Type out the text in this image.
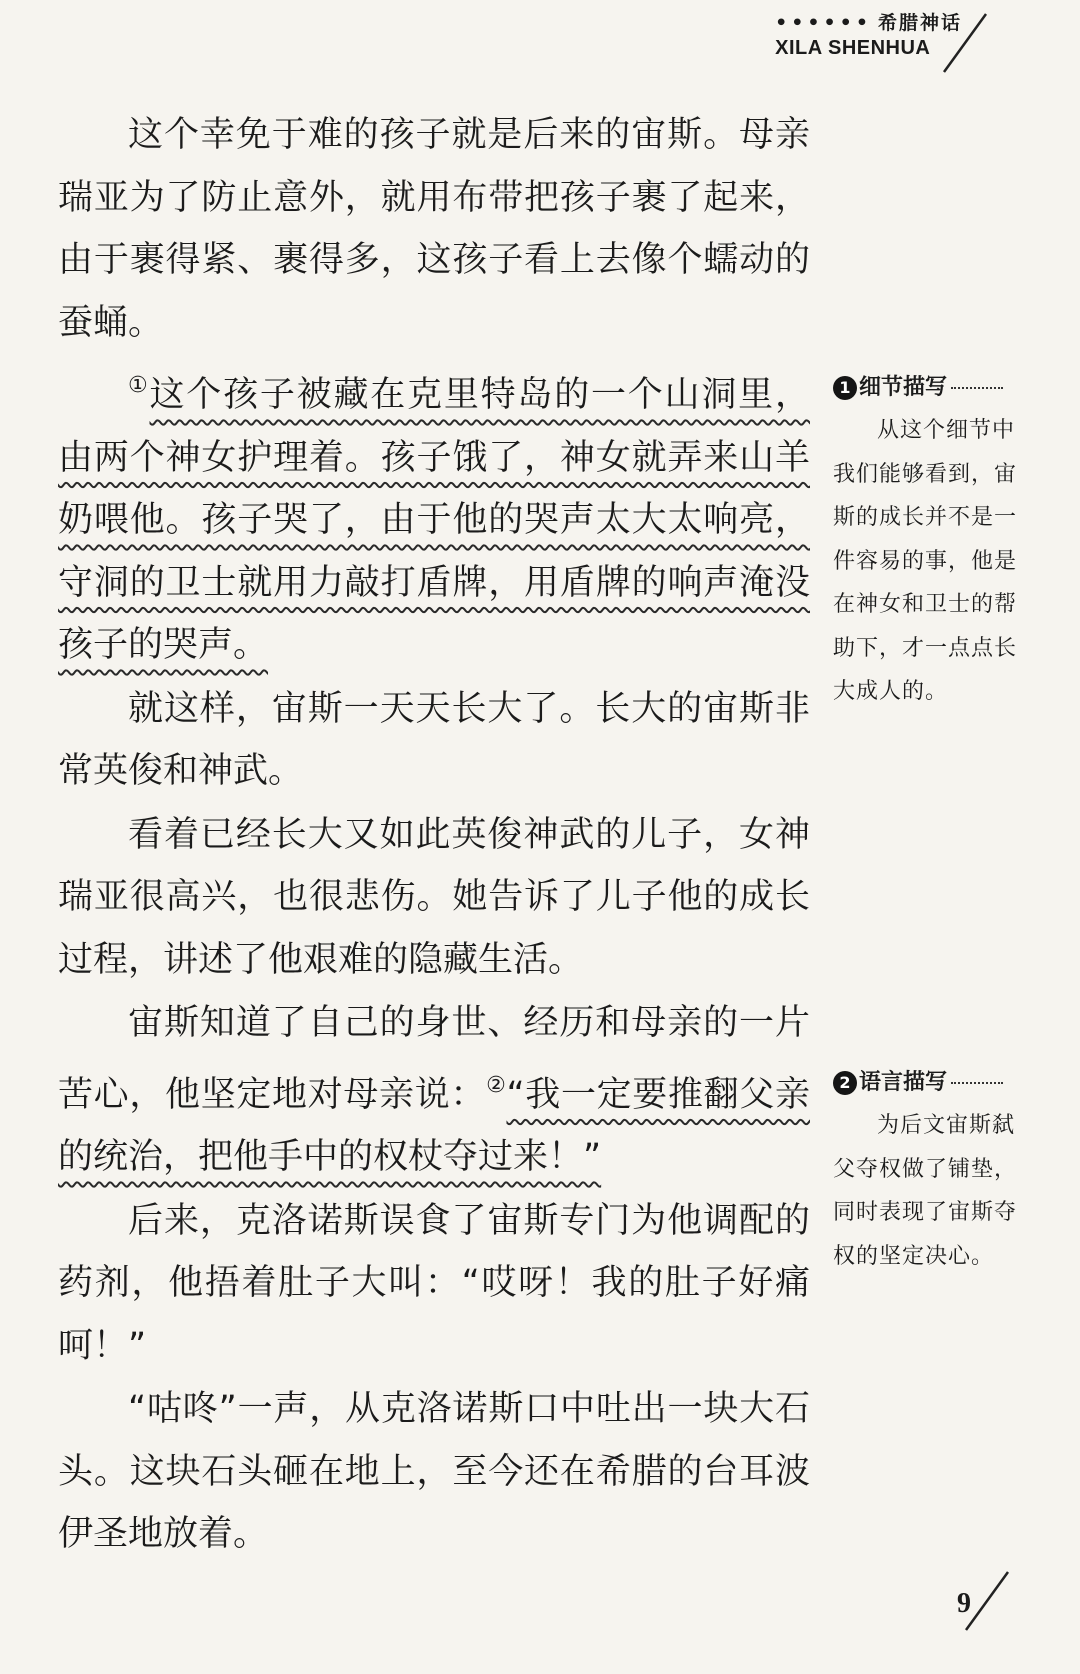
•••••• 希腊神话
XILA SHENHUA

这个幸免于难的孩子就是后来的宙斯。母亲瑞亚为了防止意外，就用布带把孩子裹了起来，由于裹得紧、裹得多，这孩子看上去像个蠕动的蚕蛹。

①这个孩子被藏在克里特岛的一个山洞里，由两个神女护理着。孩子饿了，神女就弄来山羊奶喂他。孩子哭了，由于他的哭声太大太响亮，守洞的卫士就用力敲打盾牌，用盾牌的响声淹没孩子的哭声。

就这样，宙斯一天天长大了。长大的宙斯非常英俊和神武。

看着已经长大又如此英俊神武的儿子，女神瑞亚很高兴，也很悲伤。她告诉了儿子他的成长过程，讲述了他艰难的隐藏生活。

宙斯知道了自己的身世、经历和母亲的一片苦心，他坚定地对母亲说：②“我一定要推翻父亲的统治，把他手中的权杖夺过来！”

后来，克洛诺斯误食了宙斯专门为他调配的药剂，他捂着肚子大叫：“哎呀！我的肚子好痛呵！”

“咕咚”一声，从克洛诺斯口中吐出一块大石头。这块石头砸在地上，至今还在希腊的台耳波伊圣地放着。

1 细节描写
从这个细节中我们能够看到，宙斯的成长并不是一件容易的事，他是在神女和卫士的帮助下，才一点点长大成人的。
2 语言描写
为后文宙斯弑父夺权做了铺垫，同时表现了宙斯夺权的坚定决心。
9
